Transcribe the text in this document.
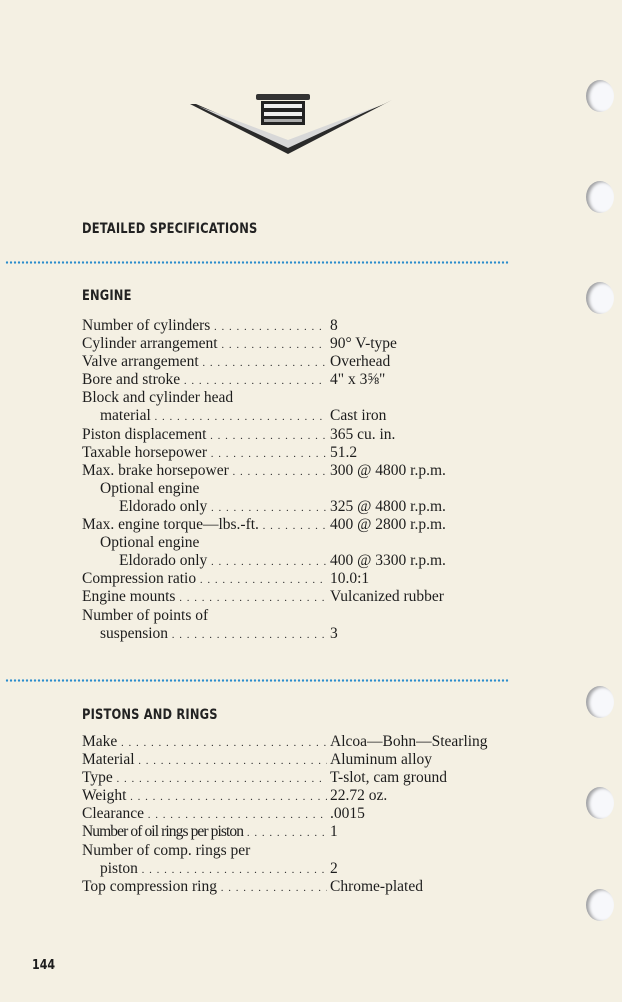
DETAILED SPECIFICATIONS
ENGINE
Number of cylinders . . .	8
Cylinder arrangement . . .	90° V-type
Valve arrangement . . .	Overhead
Bore and stroke . . .	4" x 3⅝"
Block and cylinder head
material . . .	Cast iron
Piston displacement . . .	365 cu. in.
Taxable horsepower . . .	51.2
Max. brake horsepower . . .	300 @ 4800 r.p.m.
Optional engine
Eldorado only . . .	325 @ 4800 r.p.m.
Max. engine torque—lbs.-ft. . . .	400 @ 2800 r.p.m.
Optional engine
Eldorado only . . .	400 @ 3300 r.p.m.
Compression ratio . . .	10.0:1
Engine mounts . . .	Vulcanized rubber
Number of points of
suspension . . .	3
PISTONS AND RINGS
Make . . .	Alcoa—Bohn—Stearling
Material . . .	Aluminum alloy
Type . . .	T-slot, cam ground
Weight . . .	22.72 oz.
Clearance . . .	.0015
Number of oil rings per piston . . .	1
Number of comp. rings per
piston . . .	2
Top compression ring . . .	Chrome-plated
144
